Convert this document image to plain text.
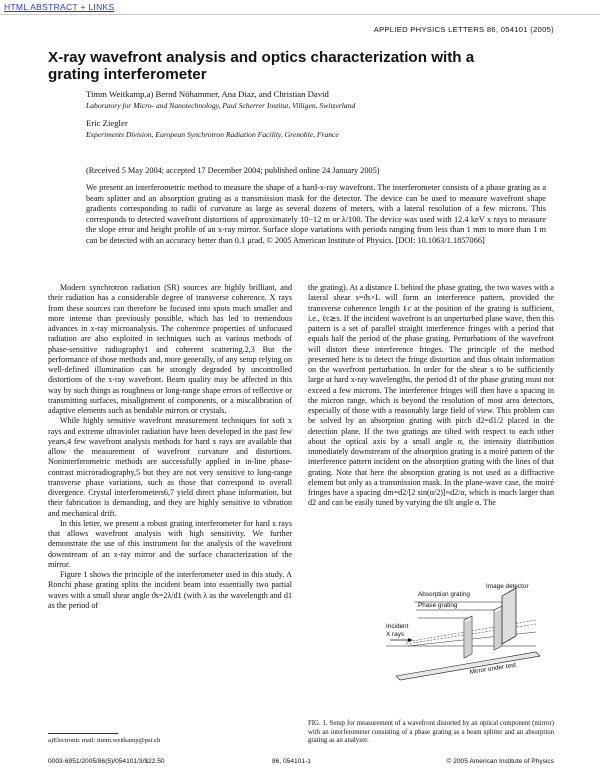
HTML ABSTRACT + LINKS
APPLIED PHYSICS LETTERS 86, 054101 (2005)
X-ray wavefront analysis and optics characterization with a grating interferometer
Timm Weitkamp,a) Bernd Nöhammer, Ana Diaz, and Christian David
Laboratory for Micro- and Nanotechnology, Paul Scherrer Institut, Villigen, Switzerland
Eric Ziegler
Experiments Division, European Synchrotron Radiation Facility, Grenoble, France
(Received 5 May 2004; accepted 17 December 2004; published online 24 January 2005)
We present an interferometric method to measure the shape of a hard-x-ray wavefront. The interferometer consists of a phase grating as a beam splitter and an absorption grating as a transmission mask for the detector. The device can be used to measure wavefront shape gradients corresponding to radii of curvature as large as several dozens of meters, with a lateral resolution of a few microns. This corresponds to detected wavefront distortions of approximately 10−12 m or λ/100. The device was used with 12.4 keV x rays to measure the slope error and height profile of an x-ray mirror. Surface slope variations with periods ranging from less than 1 mm to more than 1 m can be detected with an accuracy better than 0.1 μrad. © 2005 American Institute of Physics. [DOI: 10.1063/1.1857066]

Modern synchrotron radiation (SR) sources are highly brilliant, and their radiation has a considerable degree of transverse coherence. X rays from these sources can therefore be focused into spots much smaller and more intense than previously possible, which has led to tremendous advances in x-ray microanalysis. The coherence properties of unfocused radiation are also exploited in techniques such as various methods of phase-sensitive radiography1 and coherent scattering.2,3 But the performance of those methods and, more generally, of any setup relying on well-defined illumination can be strongly degraded by uncontrolled distortions of the x-ray wavefront. Beam quality may be affected in this way by such things as roughness or long-range shape errors of reflective or transmitting surfaces, misalignment of components, or a miscalibration of adaptive elements such as bendable mirrors or crystals.

While highly sensitive wavefront measurement techniques for soft x rays and extreme ultraviolet radiation have been developed in the past few years,4 few wavefront analysis methods for hard x rays are available that allow the measurement of wavefront curvature and distortions. Noninterferometric methods are successfully applied in in-line phase-contrast microradiography,5 but they are not very sensitive to long-range transverse phase variations, such as those that correspond to overall divergence. Crystal interferometers6,7 yield direct phase information, but their fabrication is demanding, and they are highly sensitive to vibration and mechanical drift.

In this letter, we present a robust grating interferometer for hard x rays that allows wavefront analysis with high sensitivity. We further demonstrate the use of this instrument for the analysis of the wavefront downstream of an x-ray mirror and the surface characterization of the mirror.

Figure 1 shows the principle of the interferometer used in this study. A Ronchi phase grating splits the incident beam into essentially two partial waves with a small shear angle ϑs=2λ/d1 (with λ as the wavelength and d1 as the period of

the grating). At a distance L behind the phase grating, the two waves with a lateral shear s=ϑs×L will form an interference pattern, provided the transverse coherence length ℓc at the position of the grating is sufficient, i.e., ℓc≳s. If the incident wavefront is an unperturbed plane wave, then this pattern is a set of parallel straight interference fringes with a period that equals half the period of the phase grating. Perturbations of the wavefront will distort these interference fringes. The principle of the method presented here is to detect the fringe distortion and thus obtain information on the wavefront perturbation. In order for the shear s to be sufficiently large at hard x-ray wavelengths, the period d1 of the phase grating must not exceed a few microns. The interference fringes will then have a spacing in the micron range, which is beyond the resolution of most area detectors, especially of those with a reasonably large field of view. This problem can be solved by an absorption grating with pitch d2=d1/2 placed in the detection plane. If the two gratings are tilted with respect to each other about the optical axis by a small angle α, the intensity distribution immediately downstream of the absorption grating is a moiré pattern of the interference pattern incident on the absorption grating with the lines of that grating. Note that here the absorption grating is not used as a diffractive element but only as a transmission mask. In the plane-wave case, the moiré fringes have a spacing dm=d2/[2 sin(α/2)]≈d2/α, which is much larger than d2 and can be easily tuned by varying the tilt angle α. The

Image detector
Absorption grating
Phase grating
Incident
X rays
Mirror under test
FIG. 1. Setup for measurement of a wavefront distorted by an optical component (mirror) with an interferometer consisting of a phase grating as a beam splitter and an absorption grating as an analyzer.
a)Electronic mail: timm.weitkamp@psi.ch
0003-6951/2005/86(5)/054101/3/$22.50	86, 054101-1	© 2005 American Institute of Physics
